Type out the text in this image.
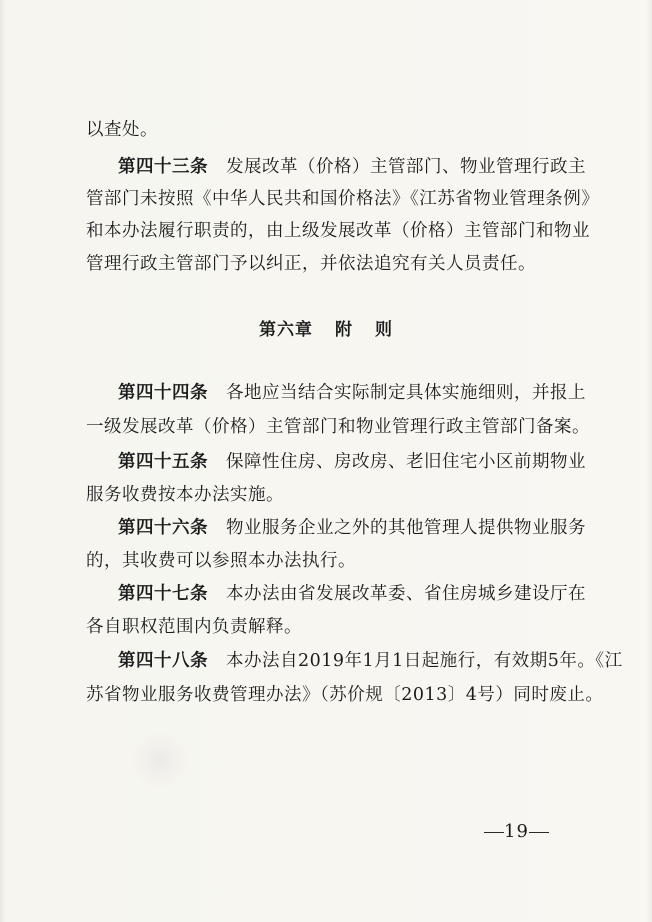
以查处。
第四十三条 发展改革（价格）主管部门、物业管理行政主
管部门未按照《中华人民共和国价格法》《江苏省物业管理条例》
和本办法履行职责的，由上级发展改革（价格）主管部门和物业
管理行政主管部门予以纠正，并依法追究有关人员责任。
第六章 附 则
第四十四条 各地应当结合实际制定具体实施细则，并报上
一级发展改革（价格）主管部门和物业管理行政主管部门备案。
第四十五条 保障性住房、房改房、老旧住宅小区前期物业
服务收费按本办法实施。
第四十六条 物业服务企业之外的其他管理人提供物业服务
的，其收费可以参照本办法执行。
第四十七条 本办法由省发展改革委、省住房城乡建设厅在
各自职权范围内负责解释。
第四十八条 本办法自2019年1月1日起施行，有效期5年。《江
苏省物业服务收费管理办法》（苏价规〔2013〕4号）同时废止。
19
